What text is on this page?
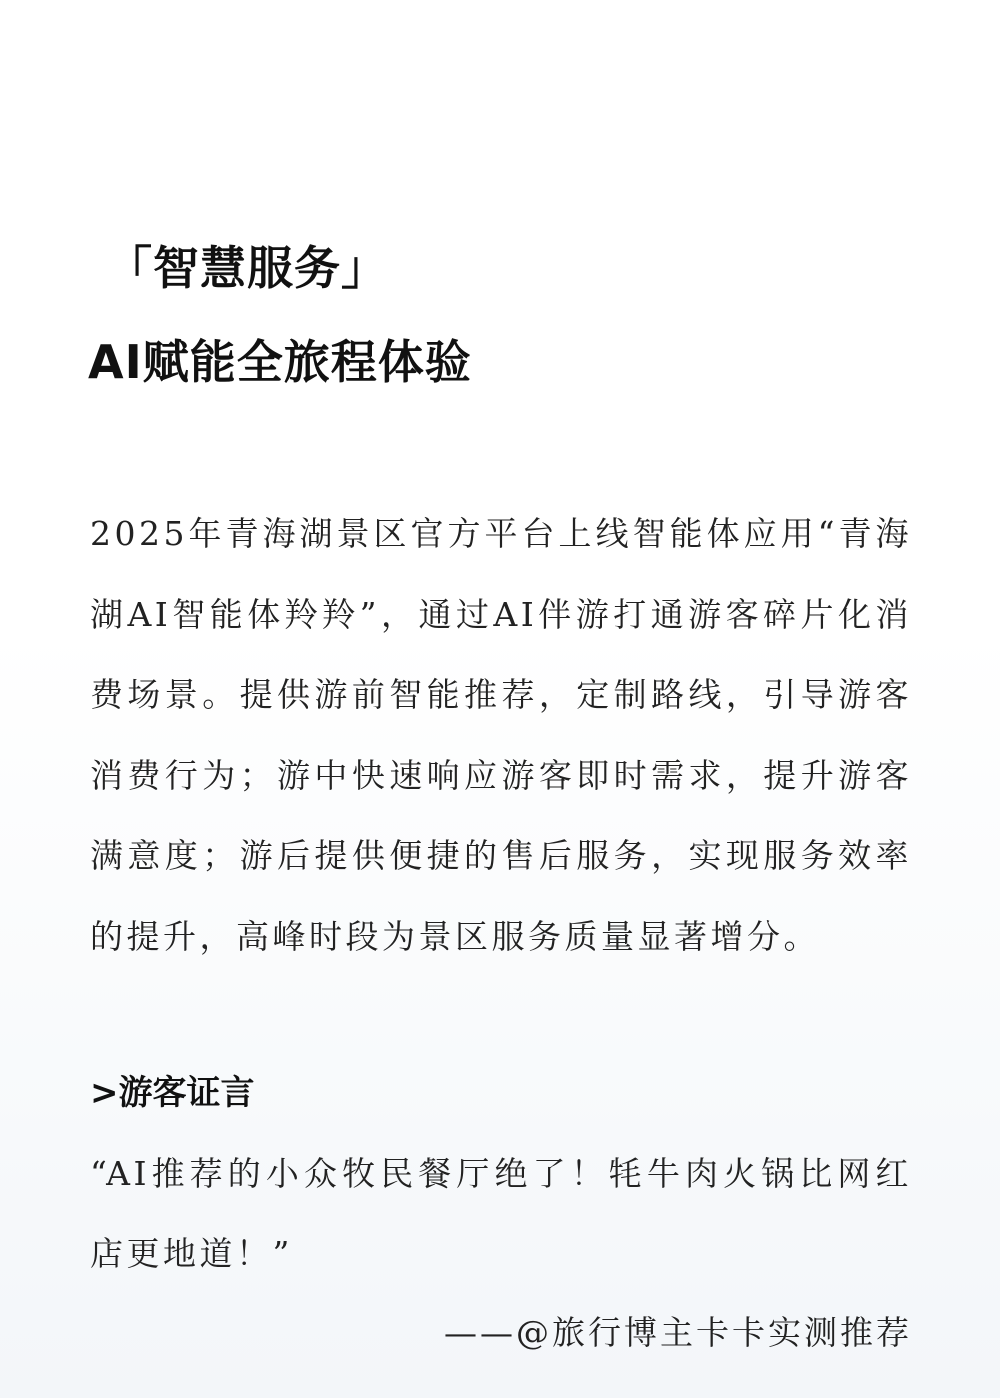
「智慧服务」
AI赋能全旅程体验
2025年青海湖景区官方平台上线智能体应用“青海湖AI智能体羚羚”，通过AI伴游打通游客碎片化消费场景。提供游前智能推荐，定制路线，引导游客消费行为；游中快速响应游客即时需求，提升游客满意度；游后提供便捷的售后服务，实现服务效率的提升，高峰时段为景区服务质量显著增分。
>游客证言
“AI推荐的小众牧民餐厅绝了！牦牛肉火锅比网红店更地道！”
——@旅行博主卡卡实测推荐
